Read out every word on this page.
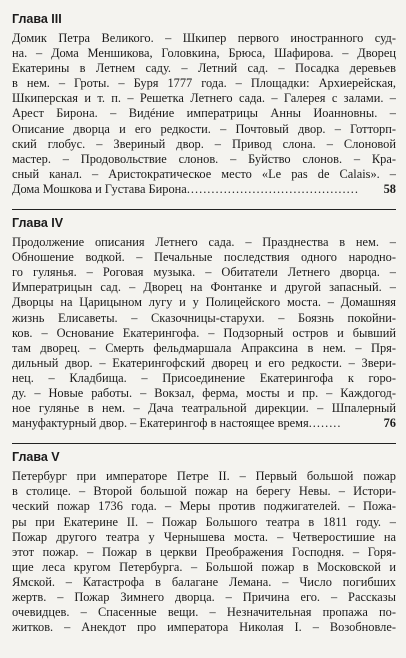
Глава III
Домик Петра Великого. – Шкипер первого иностранного суд-
на. – Дома Меншикова, Головкина, Брюса, Шафирова. – Дворец
Екатерины в Летнем саду. – Летний сад. – Посадка деревьев
в нем. – Гроты. – Буря 1777 года. – Площадки: Архиерейская,
Шкиперская и т. п. – Решетка Летнего сада. – Галерея с залами. –
Арест Бирона. – Видéние императрицы Анны Иоанновны. –
Описание дворца и его редкости. – Почтовый двор. – Готторп-
ский глобус. – Звериный двор. – Привод слона. – Слоновой
мастер. – Продовольствие слонов. – Буйство слонов. – Кра-
сный канал. – Аристократическое место «Le pas de Calais». –
Дома Мошкова и Густава Бирона ..........................................	58
Глава IV
Продолжение описания Летнего сада. – Празднества в нем. –
Обношение водкой. – Печальные последствия одного народно-
го гулянья. – Роговая музыка. – Обитатели Летнего дворца. –
Императрицын сад. – Дворец на Фонтанке и другой запасный. –
Дворцы на Царицыном лугу и у Полицейского моста. – Домашняя
жизнь Елисаветы. – Сказочницы-старухи. – Боязнь покойни-
ков. – Основание Екатерингофа. – Подзорный остров и бывший
там дворец. – Смерть фельдмаршала Апраксина в нем. – Пря-
дильный двор. – Екатерингофский дворец и его редкости. – Звери-
нец. – Кладбища. – Присоединение Екатерингофа к горо-
ду. – Новые работы. – Вокзал, ферма, мосты и пр. – Каждогод-
ное гулянье в нем. – Дача театральной дирекции. – Шпалерный
мануфактурный двор. – Екатерингоф в настоящее время ........	76
Глава V
Петербург при императоре Петре II. – Первый большой пожар
в столице. – Второй большой пожар на берегу Невы. – Истори-
ческий пожар 1736 года. – Меры против поджигателей. – Пожа-
ры при Екатерине II. – Пожар Большого театра в 1811 году. –
Пожар другого театра у Чернышева моста. – Четверостишие на
этот пожар. – Пожар в церкви Преображения Господня. – Горя-
щие леса кругом Петербурга. – Большой пожар в Московской и
Ямской. – Катастрофа в балагане Лемана. – Число погибших
жертв. – Пожар Зимнего дворца. – Причина его. – Рассказы
очевидцев. – Спасенные вещи. – Незначительная пропажа по-
житков. – Анекдот про императора Николая I. – Возобновле-
